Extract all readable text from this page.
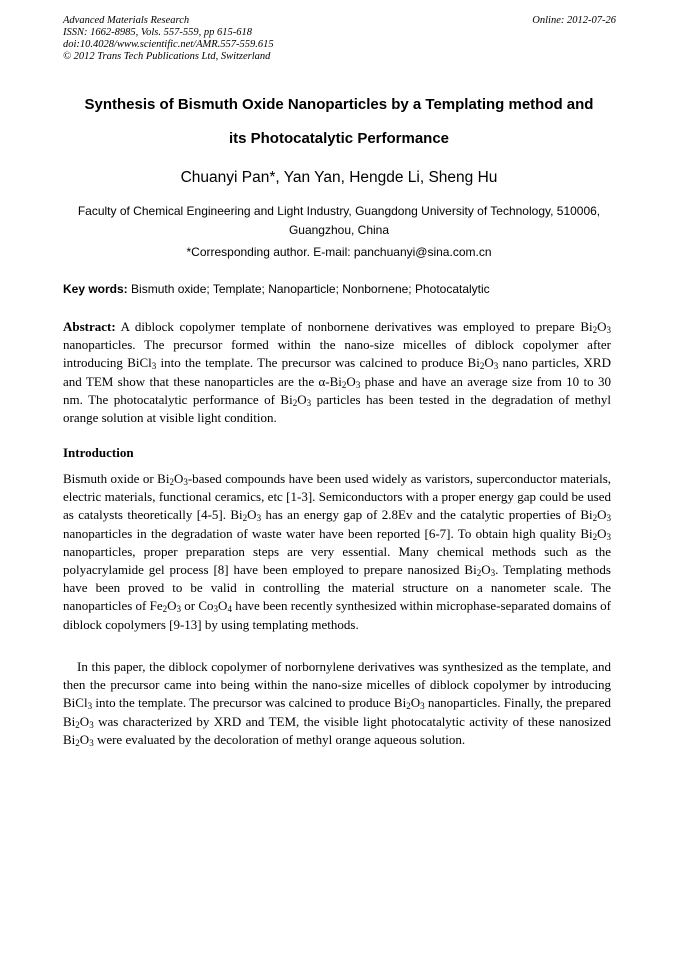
Advanced Materials Research
ISSN: 1662-8985, Vols. 557-559, pp 615-618
doi:10.4028/www.scientific.net/AMR.557-559.615
© 2012 Trans Tech Publications Ltd, Switzerland
Online: 2012-07-26
Synthesis of Bismuth Oxide Nanoparticles by a Templating method and
its Photocatalytic Performance
Chuanyi Pan*, Yan Yan, Hengde Li, Sheng Hu
Faculty of Chemical Engineering and Light Industry, Guangdong University of Technology, 510006,
Guangzhou, China
*Corresponding author. E-mail: panchuanyi@sina.com.cn
Key words: Bismuth oxide; Template; Nanoparticle; Nonbornene; Photocatalytic
Abstract: A diblock copolymer template of nonbornene derivatives was employed to prepare $Bi_2O_3$ nanoparticles. The precursor formed within the nano-size micelles of diblock copolymer after introducing BiCl$_3$ into the template. The precursor was calcined to produce $Bi_2O_3$ nano particles, XRD and TEM show that these nanoparticles are the $\alpha-Bi_2O_3$ phase and have an average size from 10 to 30 nm. The photocatalytic performance of $Bi_2O_3$ particles has been tested in the degradation of methyl orange solution at visible light condition.
Introduction
Bismuth oxide or $Bi_2O_3$-based compounds have been used widely as varistors, superconductor materials, electric materials, functional ceramics, etc [1-3]. Semiconductors with a proper energy gap could be used as catalysts theoretically [4-5]. $Bi_2O_3$ has an energy gap of 2.8Ev and the catalytic properties of $Bi_2O_3$ nanoparticles in the degradation of waste water have been reported [6-7]. To obtain high quality $Bi_2O_3$ nanoparticles, proper preparation steps are very essential. Many chemical methods such as the polyacrylamide gel process [8] have been employed to prepare nanosized $Bi_2O_3$. Templating methods have been proved to be valid in controlling the material structure on a nanometer scale. The nanoparticles of $Fe_2O_3$ or $Co_3O_4$ have been recently synthesized within microphase-separated domains of diblock copolymers [9-13] by using templating methods.
In this paper, the diblock copolymer of norbornylene derivatives was synthesized as the template, and then the precursor came into being within the nano-size micelles of diblock copolymer by introducing BiCl$_3$ into the template. The precursor was calcined to produce $Bi_2O_3$ nanoparticles. Finally, the prepared $Bi_2O_3$ was characterized by XRD and TEM, the visible light photocatalytic activity of these nanosized $Bi_2O_3$ were evaluated by the decoloration of methyl orange aqueous solution.
